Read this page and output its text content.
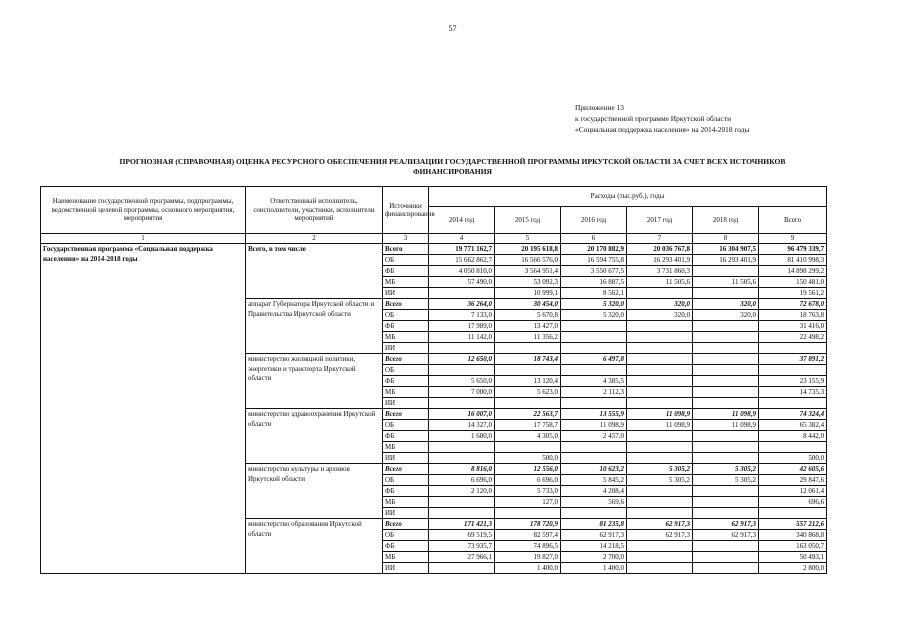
57
Приложение 13
к государственной программе Иркутской области
«Социальная поддержка населения» на 2014-2018 годы
ПРОГНОЗНАЯ (СПРАВОЧНАЯ) ОЦЕНКА РЕСУРСНОГО ОБЕСПЕЧЕНИЯ РЕАЛИЗАЦИИ ГОСУДАРСТВЕННОЙ ПРОГРАММЫ ИРКУТСКОЙ ОБЛАСТИ ЗА СЧЕТ ВСЕХ ИСТОЧНИКОВ
ФИНАНСИРОВАНИЯ
Наименование государственной программы, подпрограммы, ведомственной целевой программы, основного мероприятия, мероприятия	Ответственный исполнитель, соисполнители, участники, исполнители мероприятий	Источники финансирования	Расходы (тыс.руб.), годы					
			2014 год	2015 год	2016 год	2017 год	2018 год	Всего
1	2	3	4	5	6	7	8	9
Государственная программа «Социальная поддержка населения» на 2014-2018 годы	Всего, в том числе	Всего	19 771 162,7	20 195 618,8	20 170 882,9	20 036 767,8	16 304 907,5	96 479 339,7
		ОБ	15 662 862,7	16 566 576,0	16 594 755,8	16 293 401,9	16 293 401,9	81 410 998,3
		ФБ	4 050 810,0	3 564 951,4	3 550 677,5	3 731 860,3		14 898 299,2
		МБ	57 490,0	53 092,3	16 887,5	11 505,6	11 505,6	150 481,0
		ИИ		10 999,1	8 562,1			19 561,2
	аппарат Губернатора Иркутской области и Правительства Иркутской области	Всего	36 264,0	30 454,0	5 320,0	320,0	320,0	72 678,0
		ОБ	7 133,0	5 670,8	5 320,0	320,0	320,0	18 763,8
		ФБ	17 989,0	13 427,0				31 416,0
		МБ	11 142,0	11 356,2				22 498,2
		ИИ						
	министерство жилищной политики, энергетики и транспорта Иркутской области	Всего	12 650,0	18 743,4	6 497,8			37 891,2
		ОБ						
		ФБ	5 650,0	13 120,4	4 385,5			23 155,9
		МБ	7 000,0	5 623,0	2 112,3			14 735,3
		ИИ						
	министерство здравоохранения Иркутской области	Всего	16 007,0	22 563,7	13 555,9	11 098,9	11 098,9	74 324,4
		ОБ	14 327,0	17 758,7	11 098,9	11 098,9	11 098,9	65 382,4
		ФБ	1 680,0	4 305,0	2 457,0			8 442,0
		МБ						
		ИИ		500,0				500,0
	министерство культуры и архивов Иркутской области	Всего	8 816,0	12 556,0	10 623,2	5 305,2	5 305,2	42 605,6
		ОБ	6 696,0	6 696,0	5 845,2	5 305,2	5 305,2	29 847,6
		ФБ	2 120,0	5 733,0	4 208,4			12 061,4
		МБ		127,0	569,6			696,6
		ИИ						
	министерство образования Иркутской области	Всего	171 421,3	178 720,9	81 235,8	62 917,3	62 917,3	557 212,6
		ОБ	69 519,5	82 597,4	62 917,3	62 917,3	62 917,3	340 868,8
		ФБ	73 935,7	74 896,5	14 218,5			163 050,7
		МБ	27 966,1	19 827,0	2 700,0			50 493,1
		ИИ		1 400,0	1 400,0			2 800,0
